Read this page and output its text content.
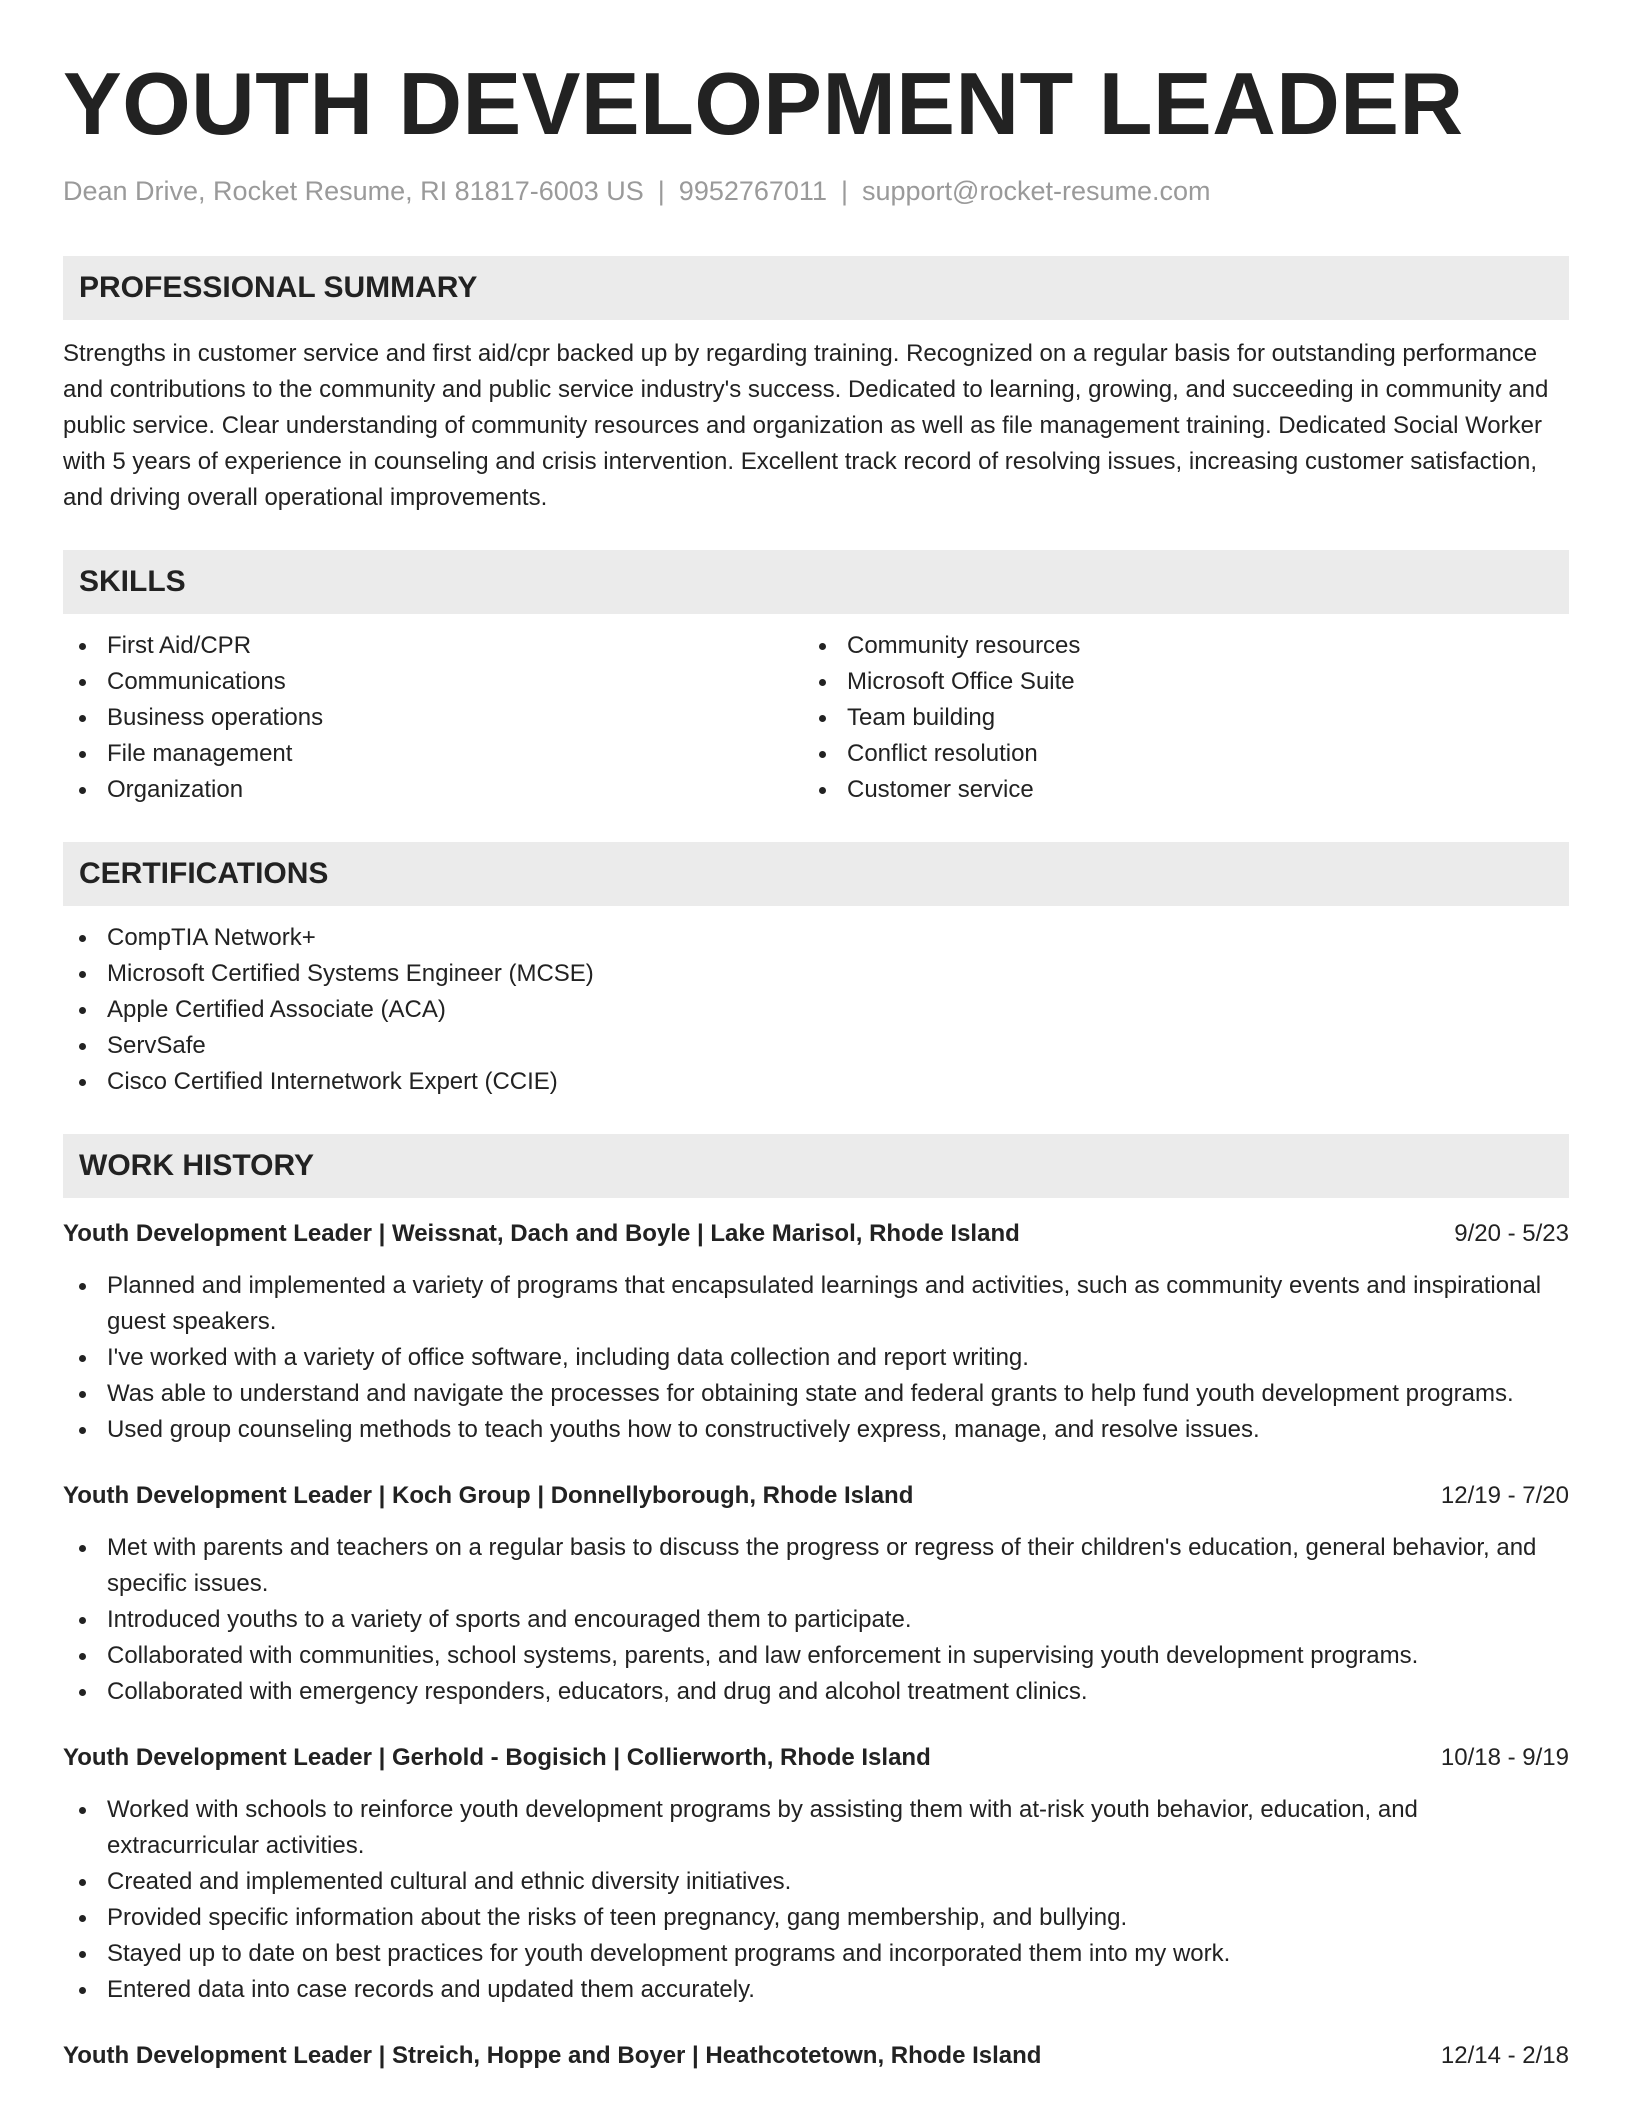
YOUTH DEVELOPMENT LEADER
Dean Drive, Rocket Resume, RI 81817-6003 US | 9952767011 | support@rocket-resume.com
PROFESSIONAL SUMMARY

Strengths in customer service and first aid/cpr backed up by regarding training. Recognized on a regular basis for outstanding performance and contributions to the community and public service industry's success. Dedicated to learning, growing, and succeeding in community and public service. Clear understanding of community resources and organization as well as file management training. Dedicated Social Worker with 5 years of experience in counseling and crisis intervention. Excellent track record of resolving issues, increasing customer satisfaction, and driving overall operational improvements.

SKILLS
First Aid/CPR
Communications
Business operations
File management
Organization
Community resources
Microsoft Office Suite
Team building
Conflict resolution
Customer service
CERTIFICATIONS
CompTIA Network+
Microsoft Certified Systems Engineer (MCSE)
Apple Certified Associate (ACA)
ServSafe
Cisco Certified Internetwork Expert (CCIE)
WORK HISTORY
Youth Development Leader | Weissnat, Dach and Boyle | Lake Marisol, Rhode Island	9/20 - 5/23
Planned and implemented a variety of programs that encapsulated learnings and activities, such as community events and inspirational guest speakers.
I've worked with a variety of office software, including data collection and report writing.
Was able to understand and navigate the processes for obtaining state and federal grants to help fund youth development programs.
Used group counseling methods to teach youths how to constructively express, manage, and resolve issues.
Youth Development Leader | Koch Group | Donnellyborough, Rhode Island	12/19 - 7/20
Met with parents and teachers on a regular basis to discuss the progress or regress of their children's education, general behavior, and specific issues.
Introduced youths to a variety of sports and encouraged them to participate.
Collaborated with communities, school systems, parents, and law enforcement in supervising youth development programs.
Collaborated with emergency responders, educators, and drug and alcohol treatment clinics.
Youth Development Leader | Gerhold - Bogisich | Collierworth, Rhode Island	10/18 - 9/19
Worked with schools to reinforce youth development programs by assisting them with at-risk youth behavior, education, and extracurricular activities.
Created and implemented cultural and ethnic diversity initiatives.
Provided specific information about the risks of teen pregnancy, gang membership, and bullying.
Stayed up to date on best practices for youth development programs and incorporated them into my work.
Entered data into case records and updated them accurately.
Youth Development Leader | Streich, Hoppe and Boyer | Heathcotetown, Rhode Island	12/14 - 2/18
